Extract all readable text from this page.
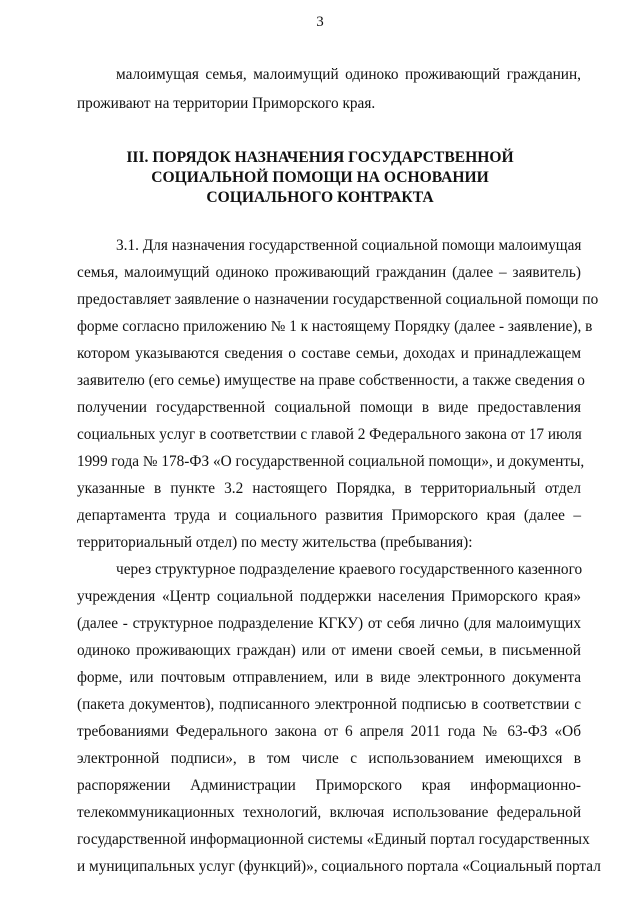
3
малоимущая семья, малоимущий одиноко проживающий гражданин,
проживают на территории Приморского края.
III. ПОРЯДОК НАЗНАЧЕНИЯ ГОСУДАРСТВЕННОЙ
СОЦИАЛЬНОЙ ПОМОЩИ НА ОСНОВАНИИ
СОЦИАЛЬНОГО КОНТРАКТА
3.1. Для назначения государственной социальной помощи малоимущая
семья, малоимущий одиноко проживающий гражданин (далее – заявитель)
предоставляет заявление о назначении государственной социальной помощи по
форме согласно приложению № 1 к настоящему Порядку (далее - заявление), в
котором указываются сведения о составе семьи, доходах и принадлежащем
заявителю (его семье) имуществе на праве собственности, а также сведения о
получении государственной социальной помощи в виде предоставления
социальных услуг в соответствии с главой 2 Федерального закона от 17 июля
1999 года № 178-ФЗ «О государственной социальной помощи», и документы,
указанные в пункте 3.2 настоящего Порядка, в территориальный отдел
департамента труда и социального развития Приморского края (далее –
территориальный отдел) по месту жительства (пребывания):
через структурное подразделение краевого государственного казенного
учреждения «Центр социальной поддержки населения Приморского края»
(далее - структурное подразделение КГКУ) от себя лично (для малоимущих
одиноко проживающих граждан) или от имени своей семьи, в письменной
форме, или почтовым отправлением, или в виде электронного документа
(пакета документов), подписанного электронной подписью в соответствии с
требованиями Федерального закона от 6 апреля 2011 года № 63-ФЗ «Об
электронной подписи», в том числе с использованием имеющихся в
распоряжении Администрации Приморского края информационно-
телекоммуникационных технологий, включая использование федеральной
государственной информационной системы «Единый портал государственных
и муниципальных услуг (функций)», социального портала «Социальный портал
